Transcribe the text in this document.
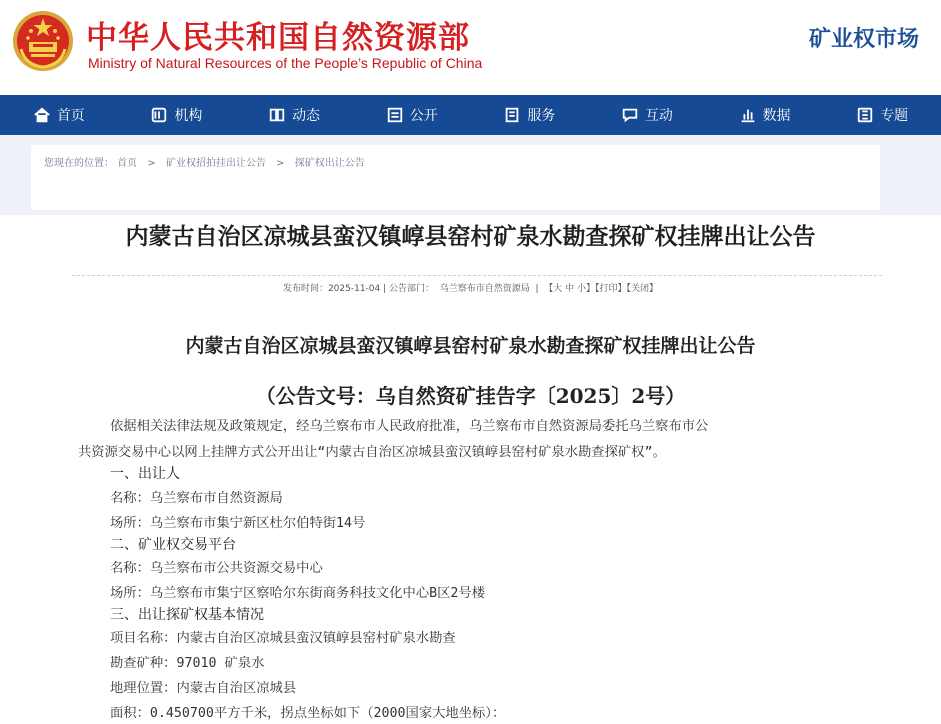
中华人民共和国自然资源部
Ministry of Natural Resources of the People’s Republic of China
矿业权市场
首页	机构	动态	公开	服务	互动	数据	专题
您现在的位置： 首页 > 矿业权招拍挂出让公告 > 探矿权出让公告
内蒙古自治区凉城县蛮汉镇崞县窑村矿泉水勘查探矿权挂牌出让公告
发布时间：2025-11-04 | 公告部门： 乌兰察布市自然资源局  |  【大 中 小】【打印】【关闭】
内蒙古自治区凉城县蛮汉镇崞县窑村矿泉水勘查探矿权挂牌出让公告
（公告文号：乌自然资矿挂告字〔2025〕2号）
依据相关法律法规及政策规定，经乌兰察布市人民政府批准，乌兰察布市自然资源局委托乌兰察布市公
共资源交易中心以网上挂牌方式公开出让“内蒙古自治区凉城县蛮汉镇崞县窑村矿泉水勘查探矿权”。
一、出让人
名称：乌兰察布市自然资源局
场所：乌兰察布市集宁新区杜尔伯特街14号
二、矿业权交易平台
名称：乌兰察布市公共资源交易中心
场所：乌兰察布市集宁区察哈尔东街商务科技文化中心B区2号楼
三、出让探矿权基本情况
项目名称：内蒙古自治区凉城县蛮汉镇崞县窑村矿泉水勘查
勘查矿种：97010 矿泉水
地理位置：内蒙古自治区凉城县
面积：0.450700平方千米，拐点坐标如下（2000国家大地坐标）：
